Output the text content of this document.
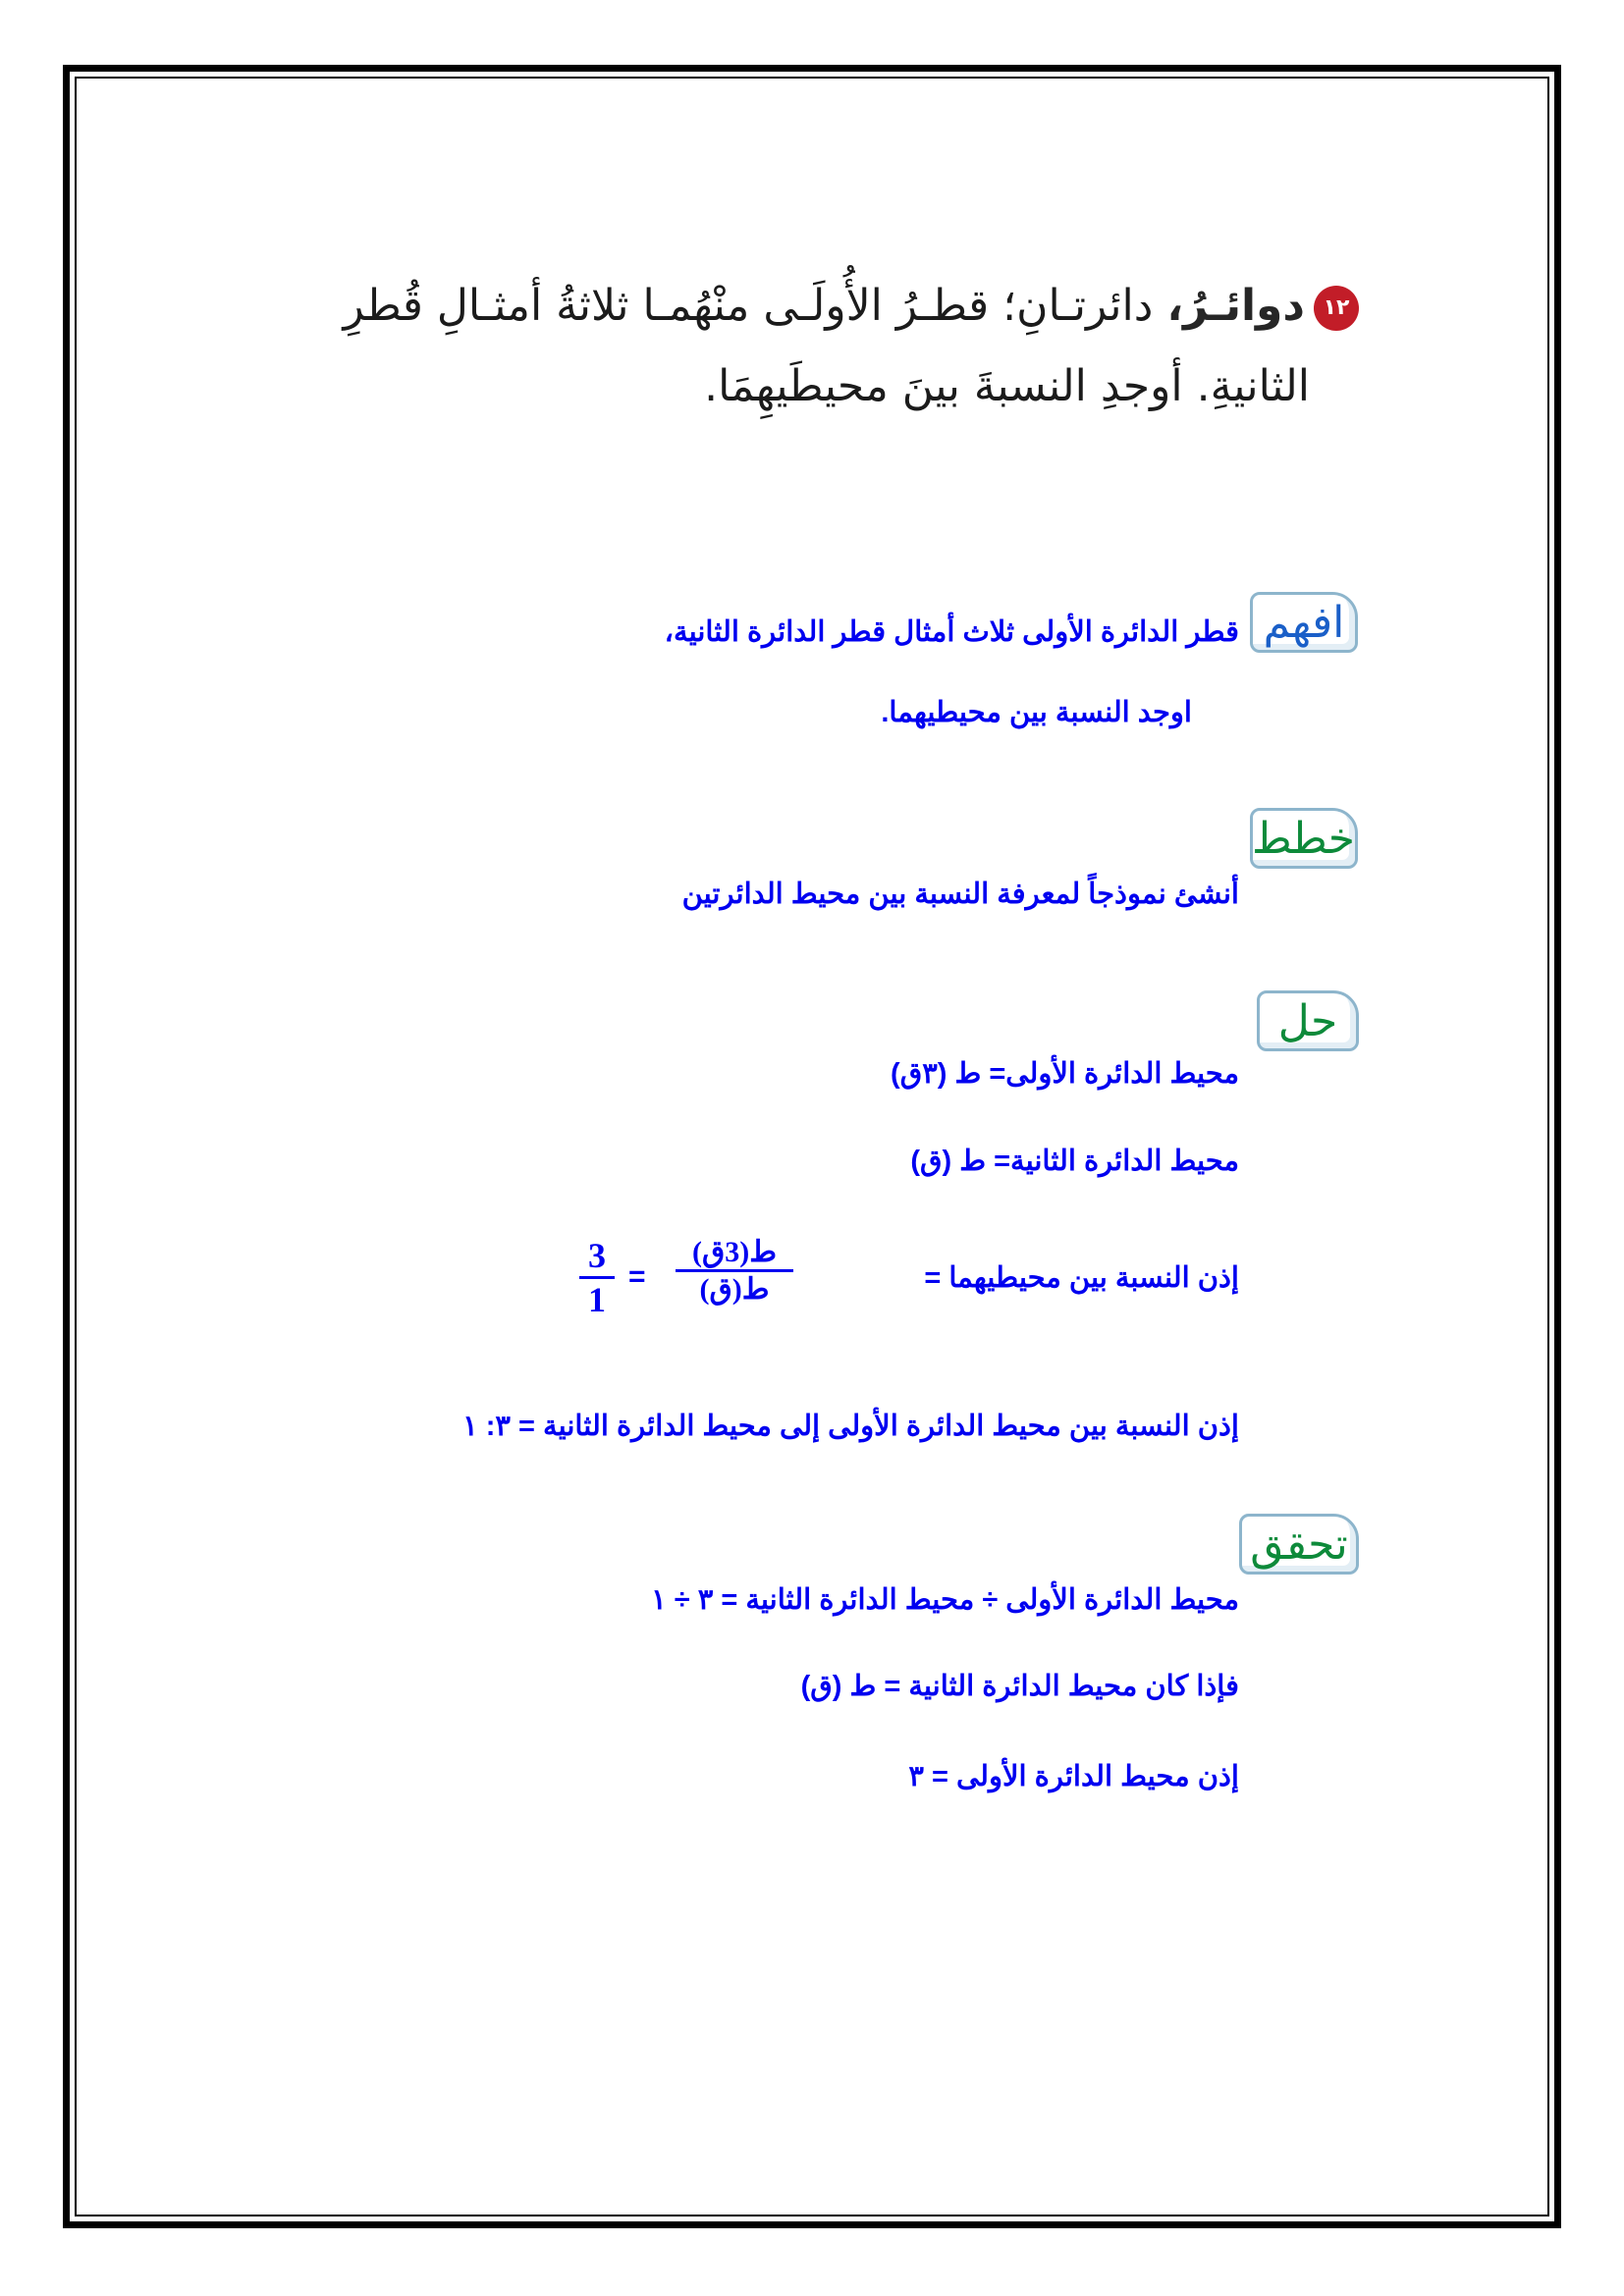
١٢
دوائـرُ، دائرتـانِ؛ قطـرُ الأُولَـى منْهُمـا ثلاثةُ أمثـالِ قُطرِ
الثانيةِ. أوجدِ النسبةَ بينَ محيطَيهِمَا.
افهم
قطر الدائرة الأولى ثلاث أمثال قطر الدائرة الثانية،
اوجد النسبة بين محيطيهما.
خطط
أنشئ نموذجاً لمعرفة النسبة بين محيط الدائرتين
حل
محيط الدائرة الأولى= ط (٣ق)
محيط الدائرة الثانية= ط (ق)
إذن النسبة بين محيطيهما =
ط(3ق)
ط(ق)
=
3
1
إذن النسبة بين محيط الدائرة الأولى إلى محيط الدائرة الثانية = ٣: ١
تحقق
محيط الدائرة الأولى ÷ محيط الدائرة الثانية = ٣ ÷ ١
فإذا كان محيط الدائرة الثانية = ط (ق)
إذن محيط الدائرة الأولى = ٣
